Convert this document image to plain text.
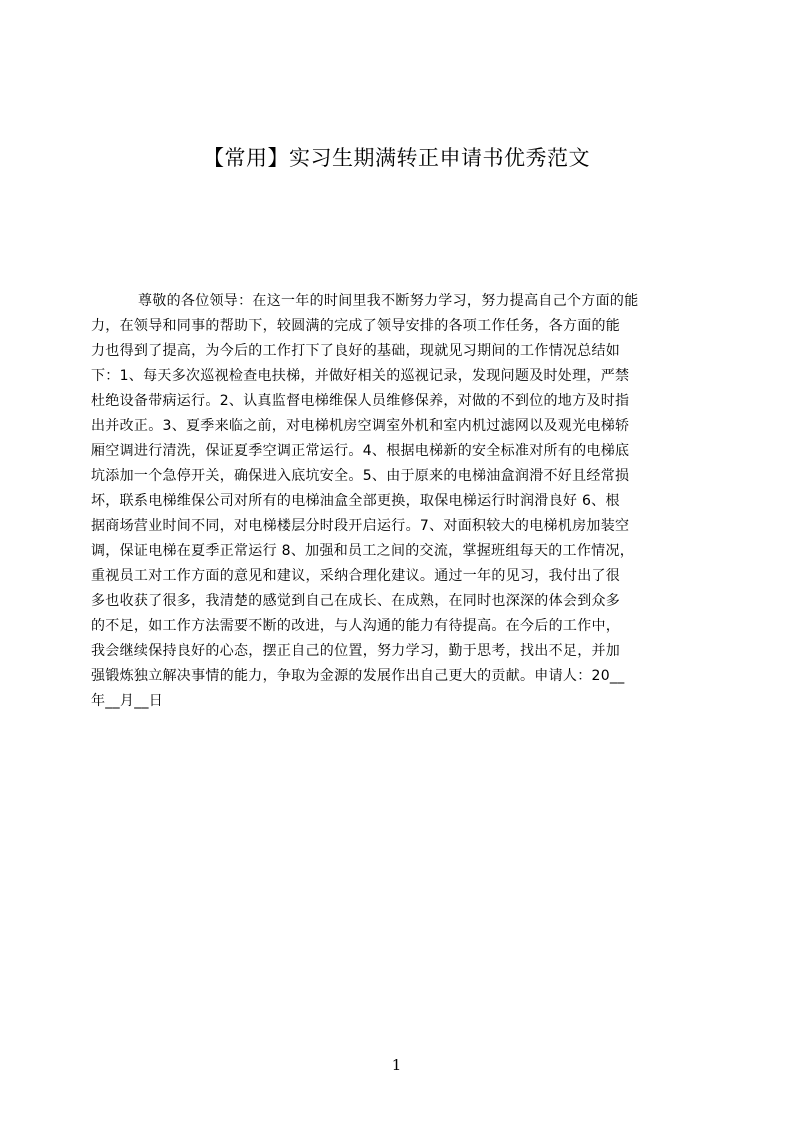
【常用】实习生期满转正申请书优秀范文
尊敬的各位领导：在这一年的时间里我不断努力学习，努力提高自己个方面的能
力，在领导和同事的帮助下，较圆满的完成了领导安排的各项工作任务，各方面的能
力也得到了提高，为今后的工作打下了良好的基础，现就见习期间的工作情况总结如
下：1、每天多次巡视检查电扶梯，并做好相关的巡视记录，发现问题及时处理，严禁
杜绝设备带病运行。2、认真监督电梯维保人员维修保养，对做的不到位的地方及时指
出并改正。3、夏季来临之前，对电梯机房空调室外机和室内机过滤网以及观光电梯轿
厢空调进行清洗，保证夏季空调正常运行。4、根据电梯新的安全标准对所有的电梯底
坑添加一个急停开关，确保进入底坑安全。5、由于原来的电梯油盒润滑不好且经常损
坏，联系电梯维保公司对所有的电梯油盒全部更换，取保电梯运行时润滑良好 6、根
据商场营业时间不同，对电梯楼层分时段开启运行。7、对面积较大的电梯机房加装空
调，保证电梯在夏季正常运行 8、加强和员工之间的交流，掌握班组每天的工作情况，
重视员工对工作方面的意见和建议，采纳合理化建议。通过一年的见习，我付出了很
多也收获了很多，我清楚的感觉到自己在成长、在成熟，在同时也深深的体会到众多
的不足，如工作方法需要不断的改进，与人沟通的能力有待提高。在今后的工作中，
我会继续保持良好的心态，摆正自己的位置，努力学习，勤于思考，找出不足，并加
强锻炼独立解决事情的能力，争取为金源的发展作出自己更大的贡献。申请人：20__
年__月__日
1
